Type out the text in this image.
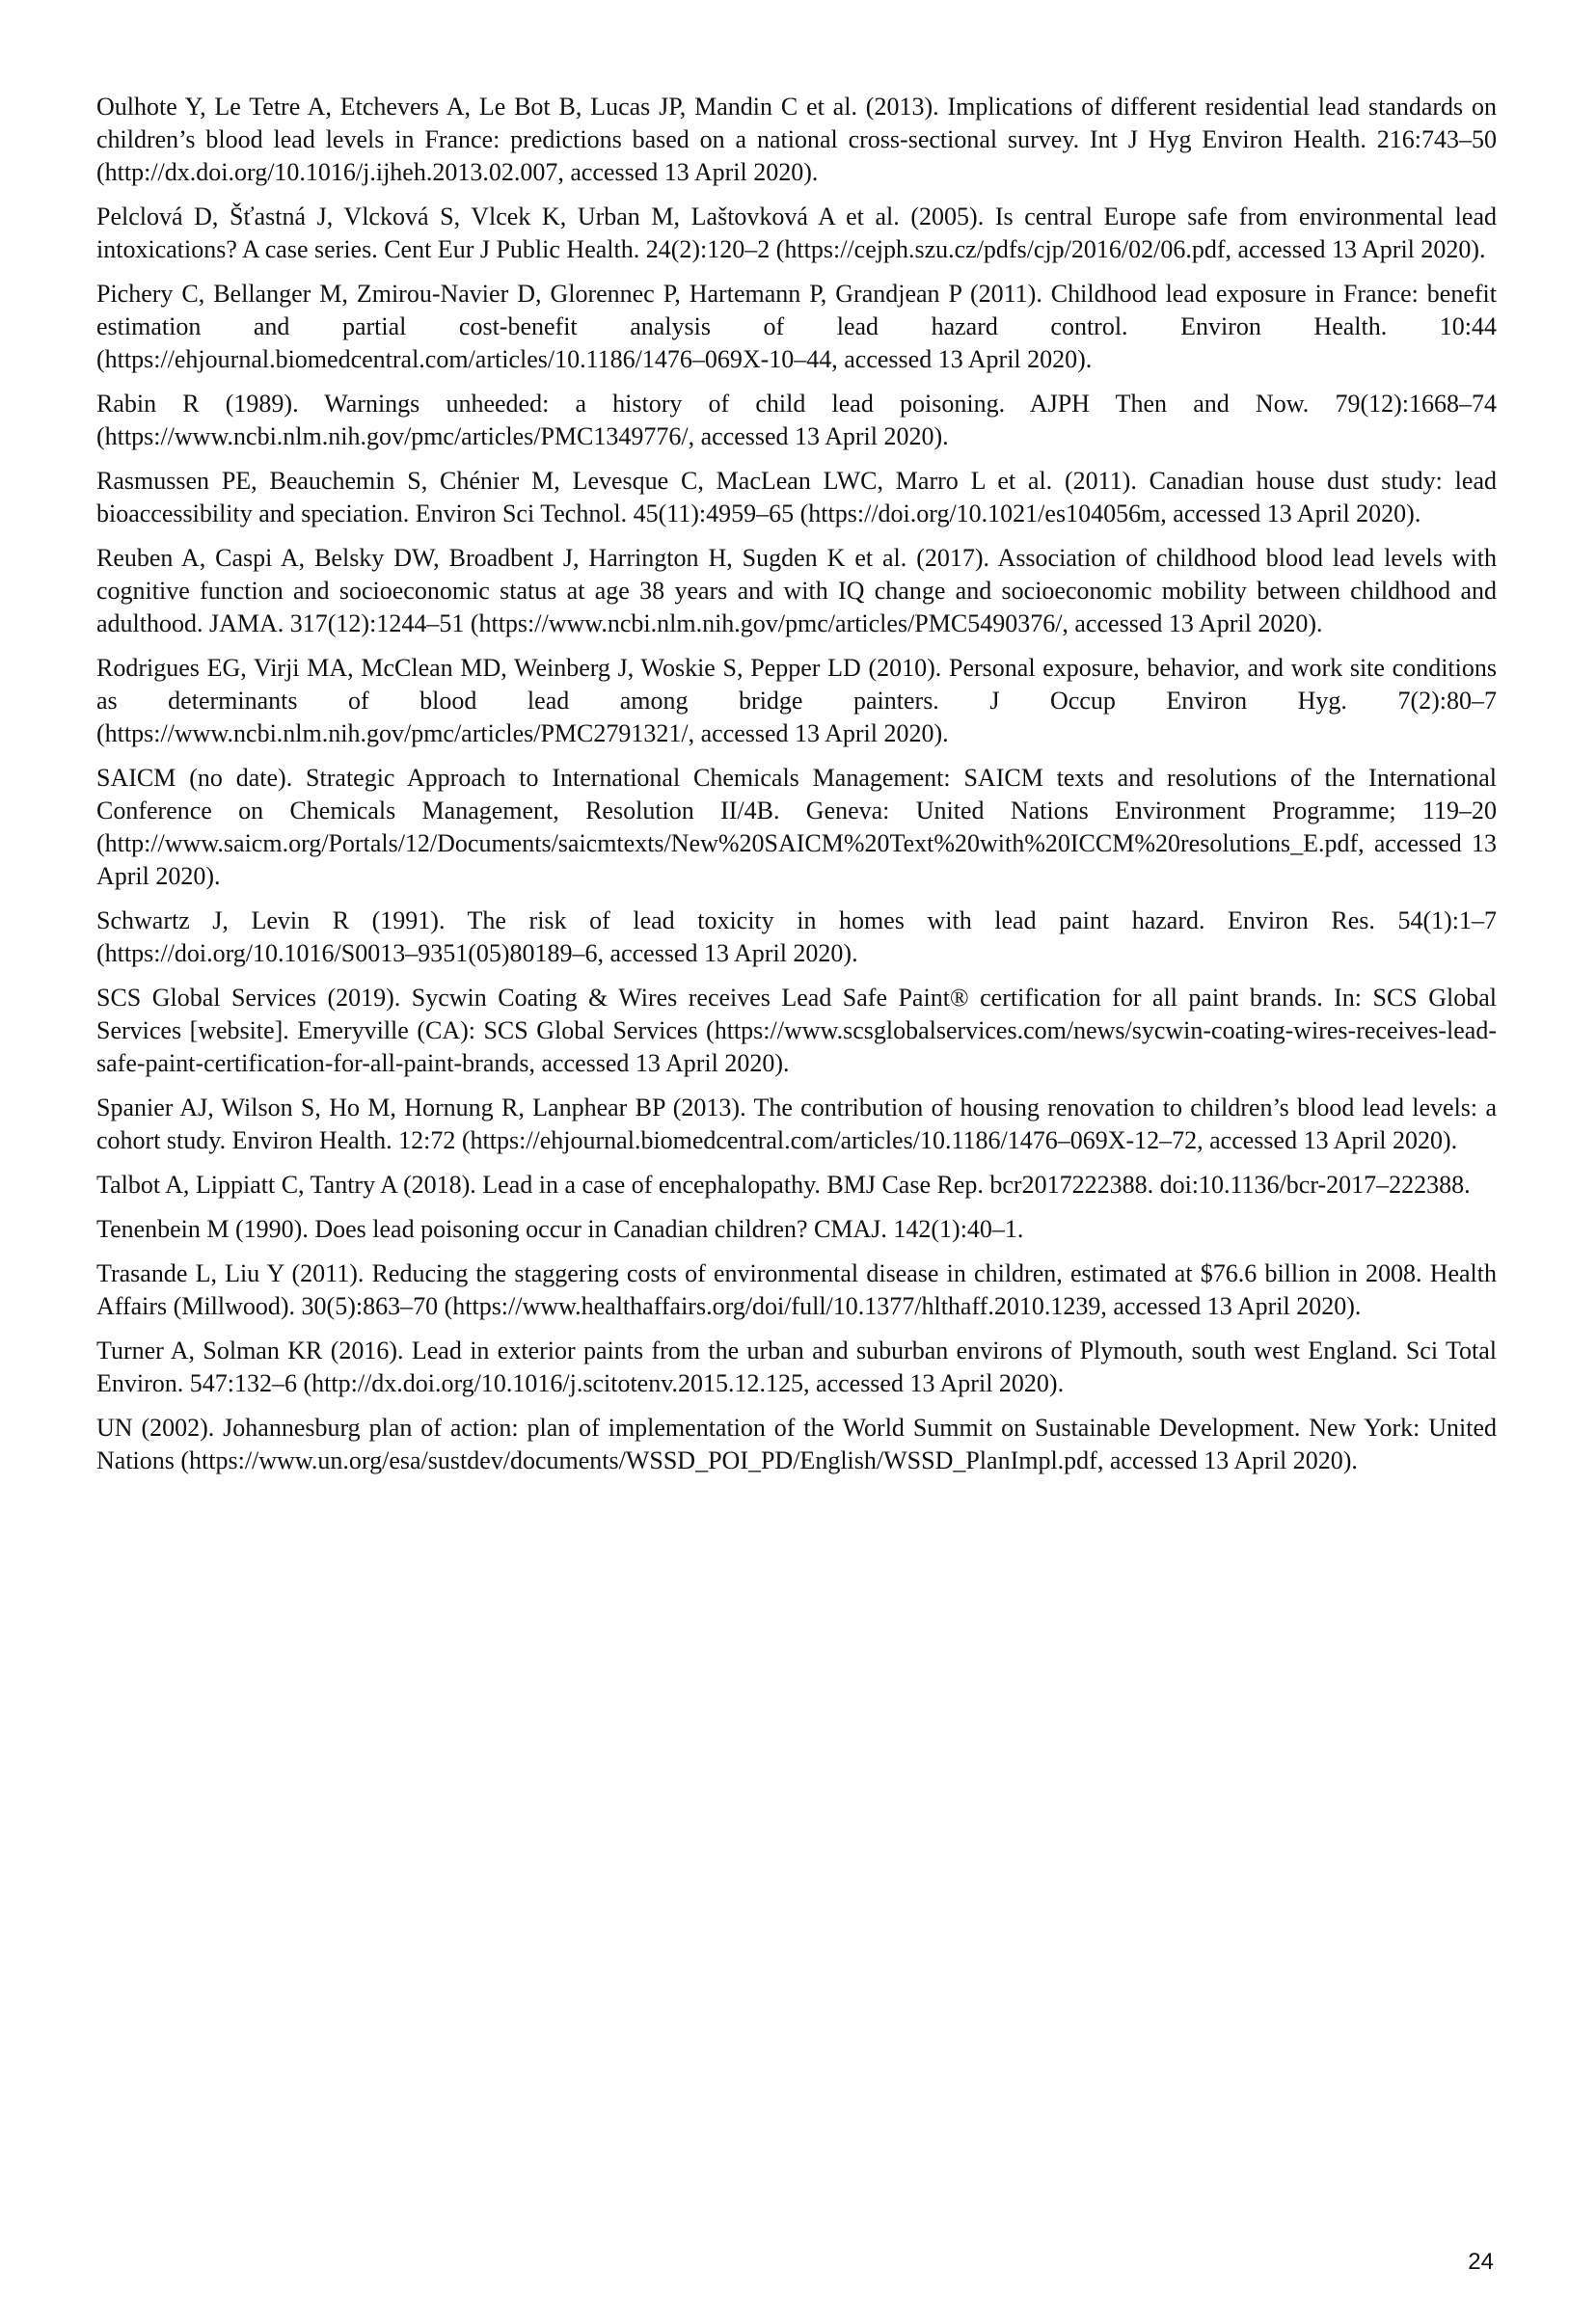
Oulhote Y, Le Tetre A, Etchevers A, Le Bot B, Lucas JP, Mandin C et al. (2013). Implications of different residential lead standards on children’s blood lead levels in France: predictions based on a national cross-sectional survey. Int J Hyg Environ Health. 216:743–50 (http://dx.doi.org/10.1016/j.ijheh.2013.02.007, accessed 13 April 2020).

Pelclová D, Šťastná J, Vlcková S, Vlcek K, Urban M, Laštovková A et al. (2005). Is central Europe safe from environmental lead intoxications? A case series. Cent Eur J Public Health. 24(2):120–2 (https://cejph.szu.cz/pdfs/cjp/2016/02/06.pdf, accessed 13 April 2020).

Pichery C, Bellanger M, Zmirou-Navier D, Glorennec P, Hartemann P, Grandjean P (2011). Childhood lead exposure in France: benefit estimation and partial cost-benefit analysis of lead hazard control. Environ Health. 10:44 (https://ehjournal.biomedcentral.com/articles/10.1186/1476–069X-10–44, accessed 13 April 2020).

Rabin R (1989). Warnings unheeded: a history of child lead poisoning. AJPH Then and Now. 79(12):1668–74 (https://www.ncbi.nlm.nih.gov/pmc/articles/PMC1349776/, accessed 13 April 2020).

Rasmussen PE, Beauchemin S, Chénier M, Levesque C, MacLean LWC, Marro L et al. (2011). Canadian house dust study: lead bioaccessibility and speciation. Environ Sci Technol. 45(11):4959–65 (https://doi.org/10.1021/es104056m, accessed 13 April 2020).

Reuben A, Caspi A, Belsky DW, Broadbent J, Harrington H, Sugden K et al. (2017). Association of childhood blood lead levels with cognitive function and socioeconomic status at age 38 years and with IQ change and socioeconomic mobility between childhood and adulthood. JAMA. 317(12):1244–51 (https://www.ncbi.nlm.nih.gov/pmc/articles/PMC5490376/, accessed 13 April 2020).

Rodrigues EG, Virji MA, McClean MD, Weinberg J, Woskie S, Pepper LD (2010). Personal exposure, behavior, and work site conditions as determinants of blood lead among bridge painters. J Occup Environ Hyg. 7(2):80–7 (https://www.ncbi.nlm.nih.gov/pmc/articles/PMC2791321/, accessed 13 April 2020).

SAICM (no date). Strategic Approach to International Chemicals Management: SAICM texts and resolutions of the International Conference on Chemicals Management, Resolution II/4B. Geneva: United Nations Environment Programme; 119–20 (http://www.saicm.org/Portals/12/Documents/saicmtexts/New%20SAICM%20Text%20with%20ICCM%20resolutions_E.pdf, accessed 13 April 2020).

Schwartz J, Levin R (1991). The risk of lead toxicity in homes with lead paint hazard. Environ Res. 54(1):1–7 (https://doi.org/10.1016/S0013–9351(05)80189–6, accessed 13 April 2020).

SCS Global Services (2019). Sycwin Coating & Wires receives Lead Safe Paint® certification for all paint brands. In: SCS Global Services [website]. Emeryville (CA): SCS Global Services (https://www.scsglobalservices.com/news/sycwin-coating-wires-receives-lead-safe-paint-certification-for-all-paint-brands, accessed 13 April 2020).

Spanier AJ, Wilson S, Ho M, Hornung R, Lanphear BP (2013). The contribution of housing renovation to children’s blood lead levels: a cohort study. Environ Health. 12:72 (https://ehjournal.biomedcentral.com/articles/10.1186/1476–069X-12–72, accessed 13 April 2020).

Talbot A, Lippiatt C, Tantry A (2018). Lead in a case of encephalopathy. BMJ Case Rep. bcr2017222388. doi:10.1136/bcr-2017–222388.

Tenenbein M (1990). Does lead poisoning occur in Canadian children? CMAJ. 142(1):40–1.

Trasande L, Liu Y (2011). Reducing the staggering costs of environmental disease in children, estimated at $76.6 billion in 2008. Health Affairs (Millwood). 30(5):863–70 (https://www.healthaffairs.org/doi/full/10.1377/hlthaff.2010.1239, accessed 13 April 2020).

Turner A, Solman KR (2016). Lead in exterior paints from the urban and suburban environs of Plymouth, south west England. Sci Total Environ. 547:132–6 (http://dx.doi.org/10.1016/j.scitotenv.2015.12.125, accessed 13 April 2020).

UN (2002). Johannesburg plan of action: plan of implementation of the World Summit on Sustainable Development. New York: United Nations (https://www.un.org/esa/sustdev/documents/WSSD_POI_PD/English/WSSD_PlanImpl.pdf, accessed 13 April 2020).

24
